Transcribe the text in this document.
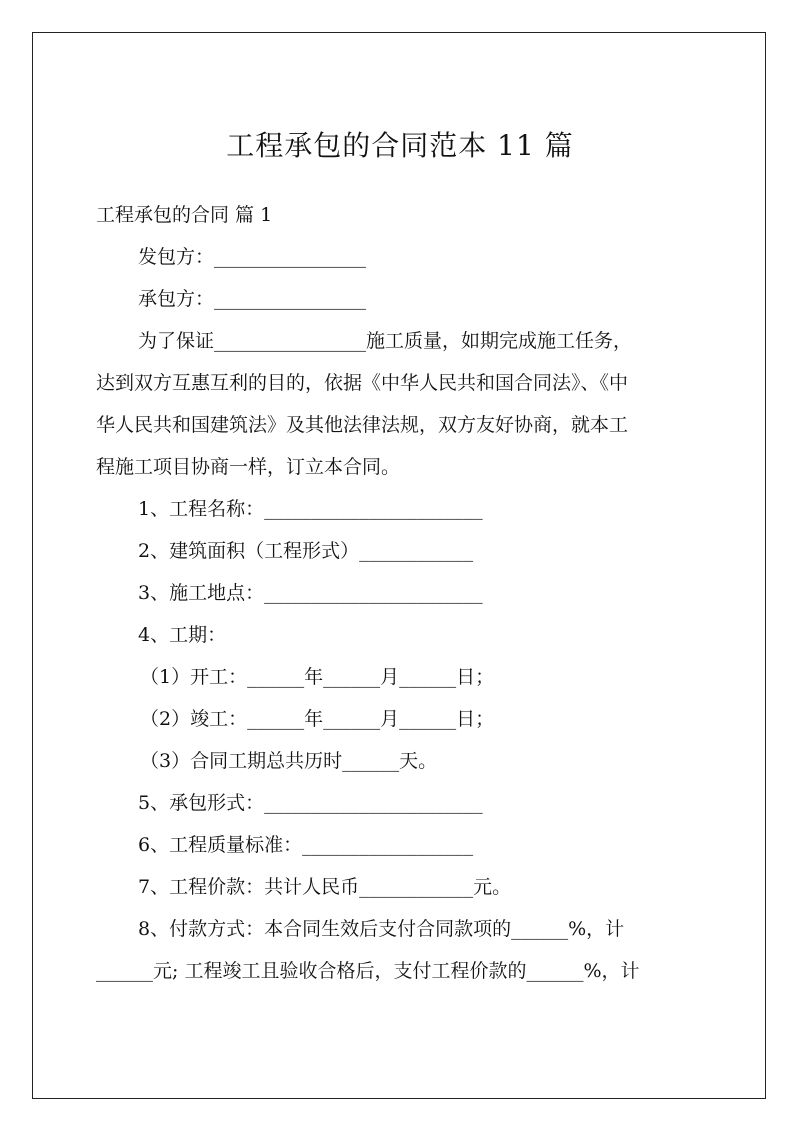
工程承包的合同范本 11 篇
工程承包的合同 篇 1
发包方：________________
承包方：________________
为了保证________________施工质量，如期完成施工任务，
达到双方互惠互利的目的，依据《中华人民共和国合同法》、《中
华人民共和国建筑法》及其他法律法规，双方友好协商，就本工
程施工项目协商一样，订立本合同。
1、工程名称：_______________________
2、建筑面积（工程形式）____________
3、施工地点：_______________________
4、工期：
（1）开工：______年______月______日；
（2）竣工：______年______月______日；
（3）合同工期总共历时______天。
5、承包形式：_______________________
6、工程质量标准：__________________
7、工程价款：共计人民币____________元。
8、付款方式：本合同生效后支付合同款项的______%，计
______元; 工程竣工且验收合格后，支付工程价款的______%，计
